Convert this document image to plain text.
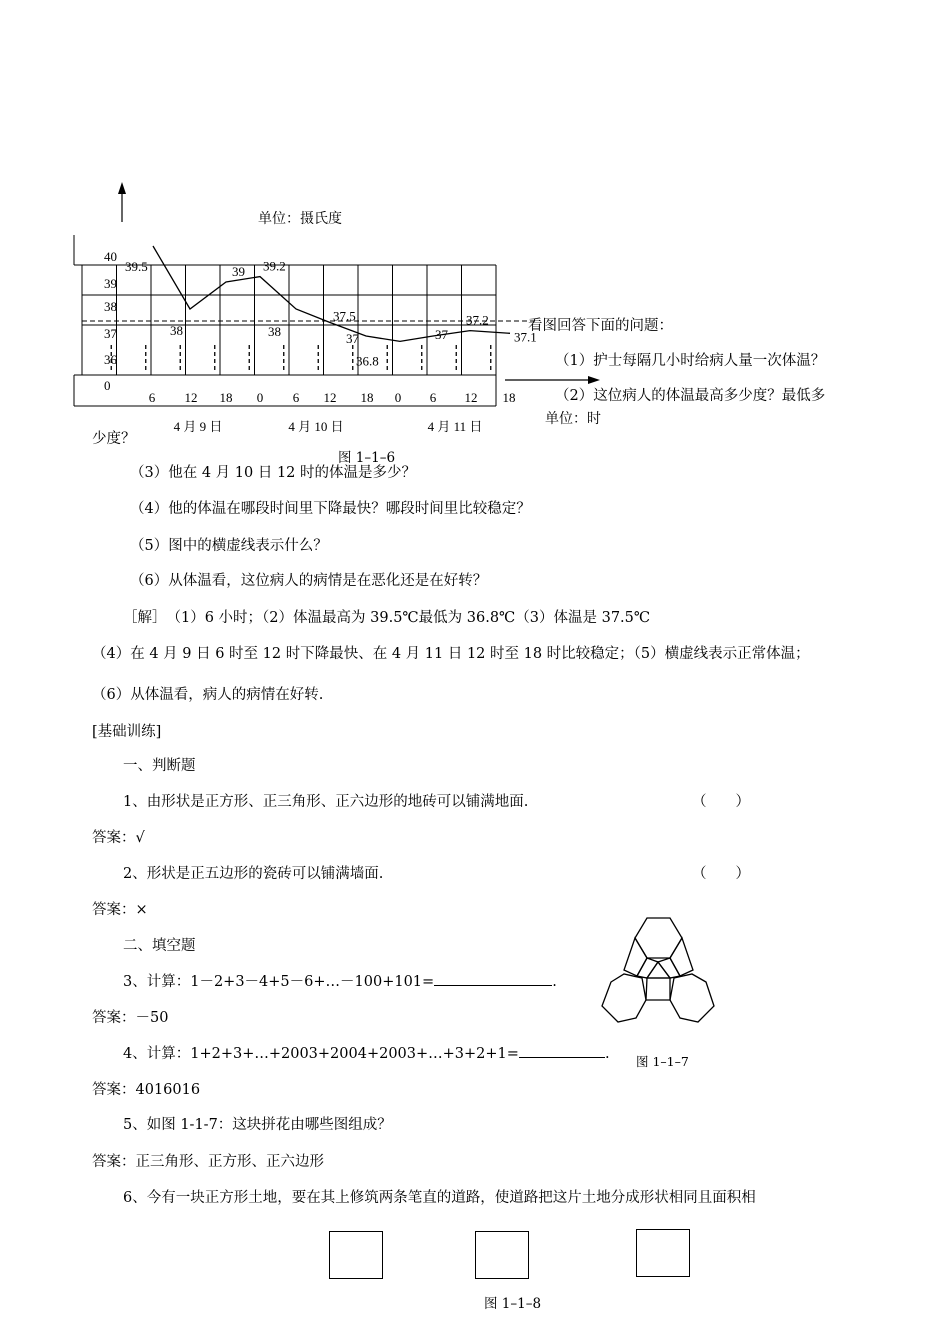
40
39
38
37
36
0
6 12 18 0 6 12 18 0 6 12 18
4 月 9 日	4 月 10 日	4 月 11 日
39.5
38
39 39.2
38
37.5
37
36.8
37
37.2
37.1
单位：摄氏度
单位：时
图 1–1–6
看图回答下面的问题：
（1）护士每隔几小时给病人量一次体温？
（2）这位病人的体温最高多少度？最低多
少度？
（3）他在 4 月 10 日 12 时的体温是多少？
（4）他的体温在哪段时间里下降最快？哪段时间里比较稳定？
（5）图中的横虚线表示什么？
（6）从体温看，这位病人的病情是在恶化还是在好转？
［解］　（1）6 小时；（2）体温最高为 39.5℃最低为 36.8℃（3）体温是 37.5℃
（4）在 4 月 9 日 6 时至 12 时下降最快、在 4 月 11 日 12 时至 18 时比较稳定；（5）横虚线表示正常体温；
（6）从体温看，病人的病情在好转.
[基础训练]
一、判断题
1、由形状是正方形、正三角形、正六边形的地砖可以铺满地面.	（　　）
答案：√
2、形状是正五边形的瓷砖可以铺满墙面.	（　　）
答案：×
二、填空题
3、计算：1－2+3－4+5－6+…－100+101=	.
答案：－50
4、计算：1+2+3+…+2003+2004+2003+…+3+2+1=	.
答案：4016016
5、如图 1-1-7：这块拼花由哪些图组成？
答案：正三角形、正方形、正六边形
6、今有一块正方形土地，要在其上修筑两条笔直的道路，使道路把这片土地分成形状相同且面积相
图 1–1–7
图 1–1–8
